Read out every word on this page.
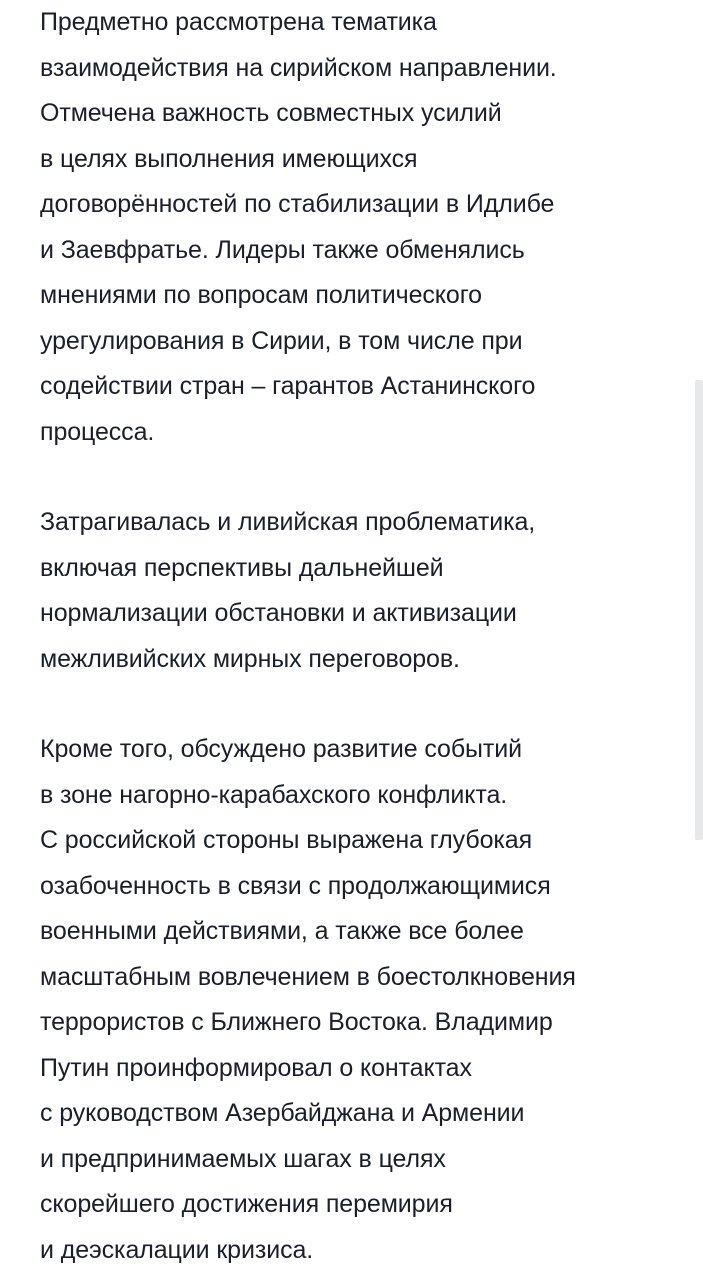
Предметно рассмотрена тематика
взаимодействия на сирийском направлении.
Отмечена важность совместных усилий
в целях выполнения имеющихся
договорённостей по стабилизации в Идлибе
и Заевфратье. Лидеры также обменялись
мнениями по вопросам политического
урегулирования в Сирии, в том числе при
содействии стран – гарантов Астанинского
процесса.

Затрагивалась и ливийская проблематика,
включая перспективы дальнейшей
нормализации обстановки и активизации
межливийских мирных переговоров.

Кроме того, обсуждено развитие событий
в зоне нагорно-карабахского конфликта.
С российской стороны выражена глубокая
озабоченность в связи с продолжающимися
военными действиями, а также все более
масштабным вовлечением в боестолкновения
террористов с Ближнего Востока. Владимир
Путин проинформировал о контактах
с руководством Азербайджана и Армении
и предпринимаемых шагах в целях
скорейшего достижения перемирия
и деэскалации кризиса.
